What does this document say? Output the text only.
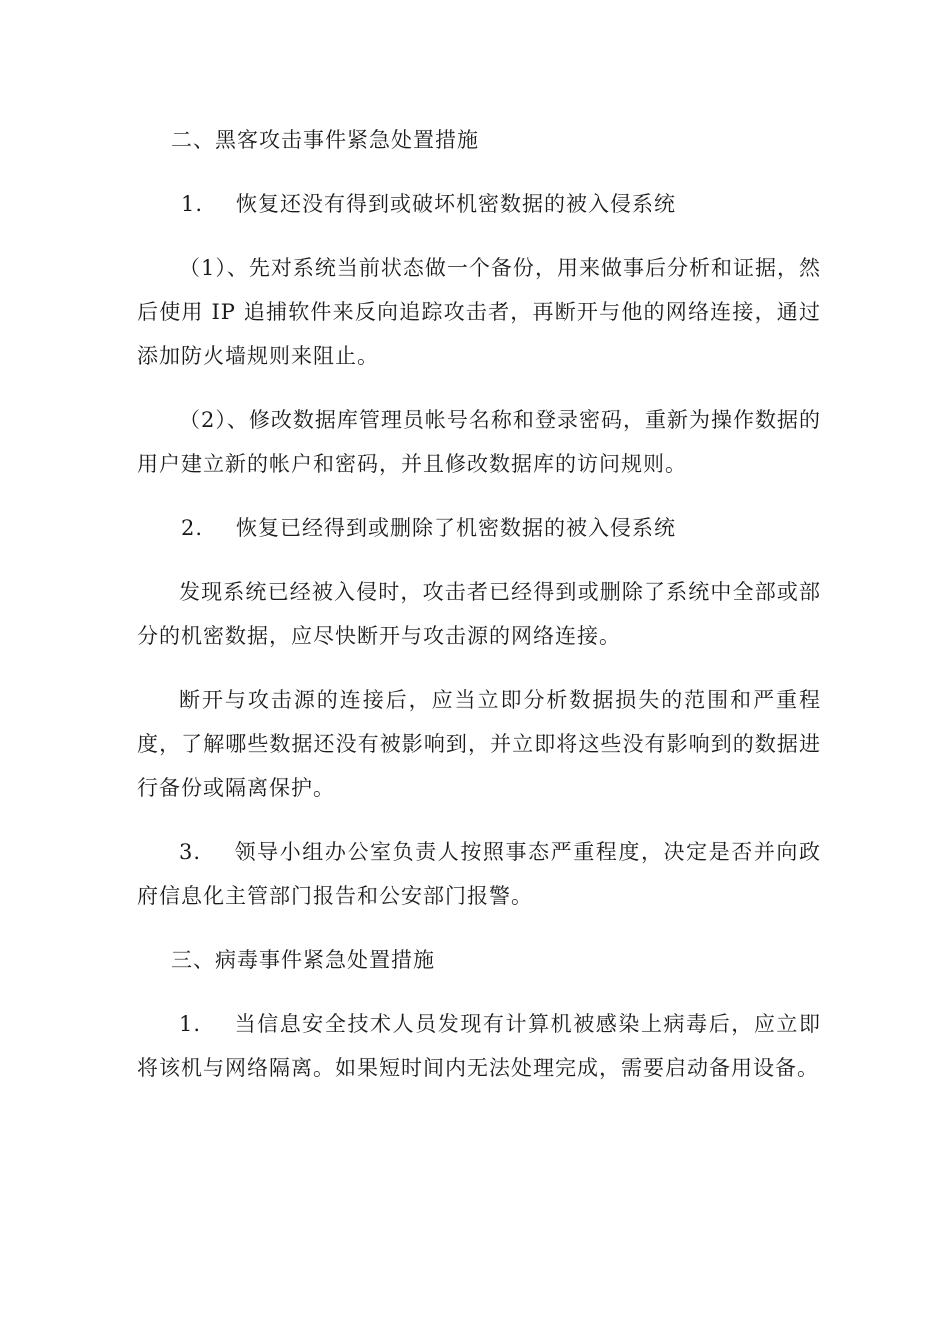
二、黑客攻击事件紧急处置措施

1. 恢复还没有得到或破坏机密数据的被入侵系统

（1）、先对系统当前状态做一个备份，用来做事后分析和证据，然后使用 IP 追捕软件来反向追踪攻击者，再断开与他的网络连接，通过添加防火墙规则来阻止。

（2）、修改数据库管理员帐号名称和登录密码，重新为操作数据的用户建立新的帐户和密码，并且修改数据库的访问规则。

2. 恢复已经得到或删除了机密数据的被入侵系统

发现系统已经被入侵时，攻击者已经得到或删除了系统中全部或部分的机密数据，应尽快断开与攻击源的网络连接。

断开与攻击源的连接后，应当立即分析数据损失的范围和严重程度，了解哪些数据还没有被影响到，并立即将这些没有影响到的数据进行备份或隔离保护。

3. 领导小组办公室负责人按照事态严重程度，决定是否并向政府信息化主管部门报告和公安部门报警。

三、病毒事件紧急处置措施

1. 当信息安全技术人员发现有计算机被感染上病毒后，应立即将该机与网络隔离。如果短时间内无法处理完成，需要启动备用设备。
